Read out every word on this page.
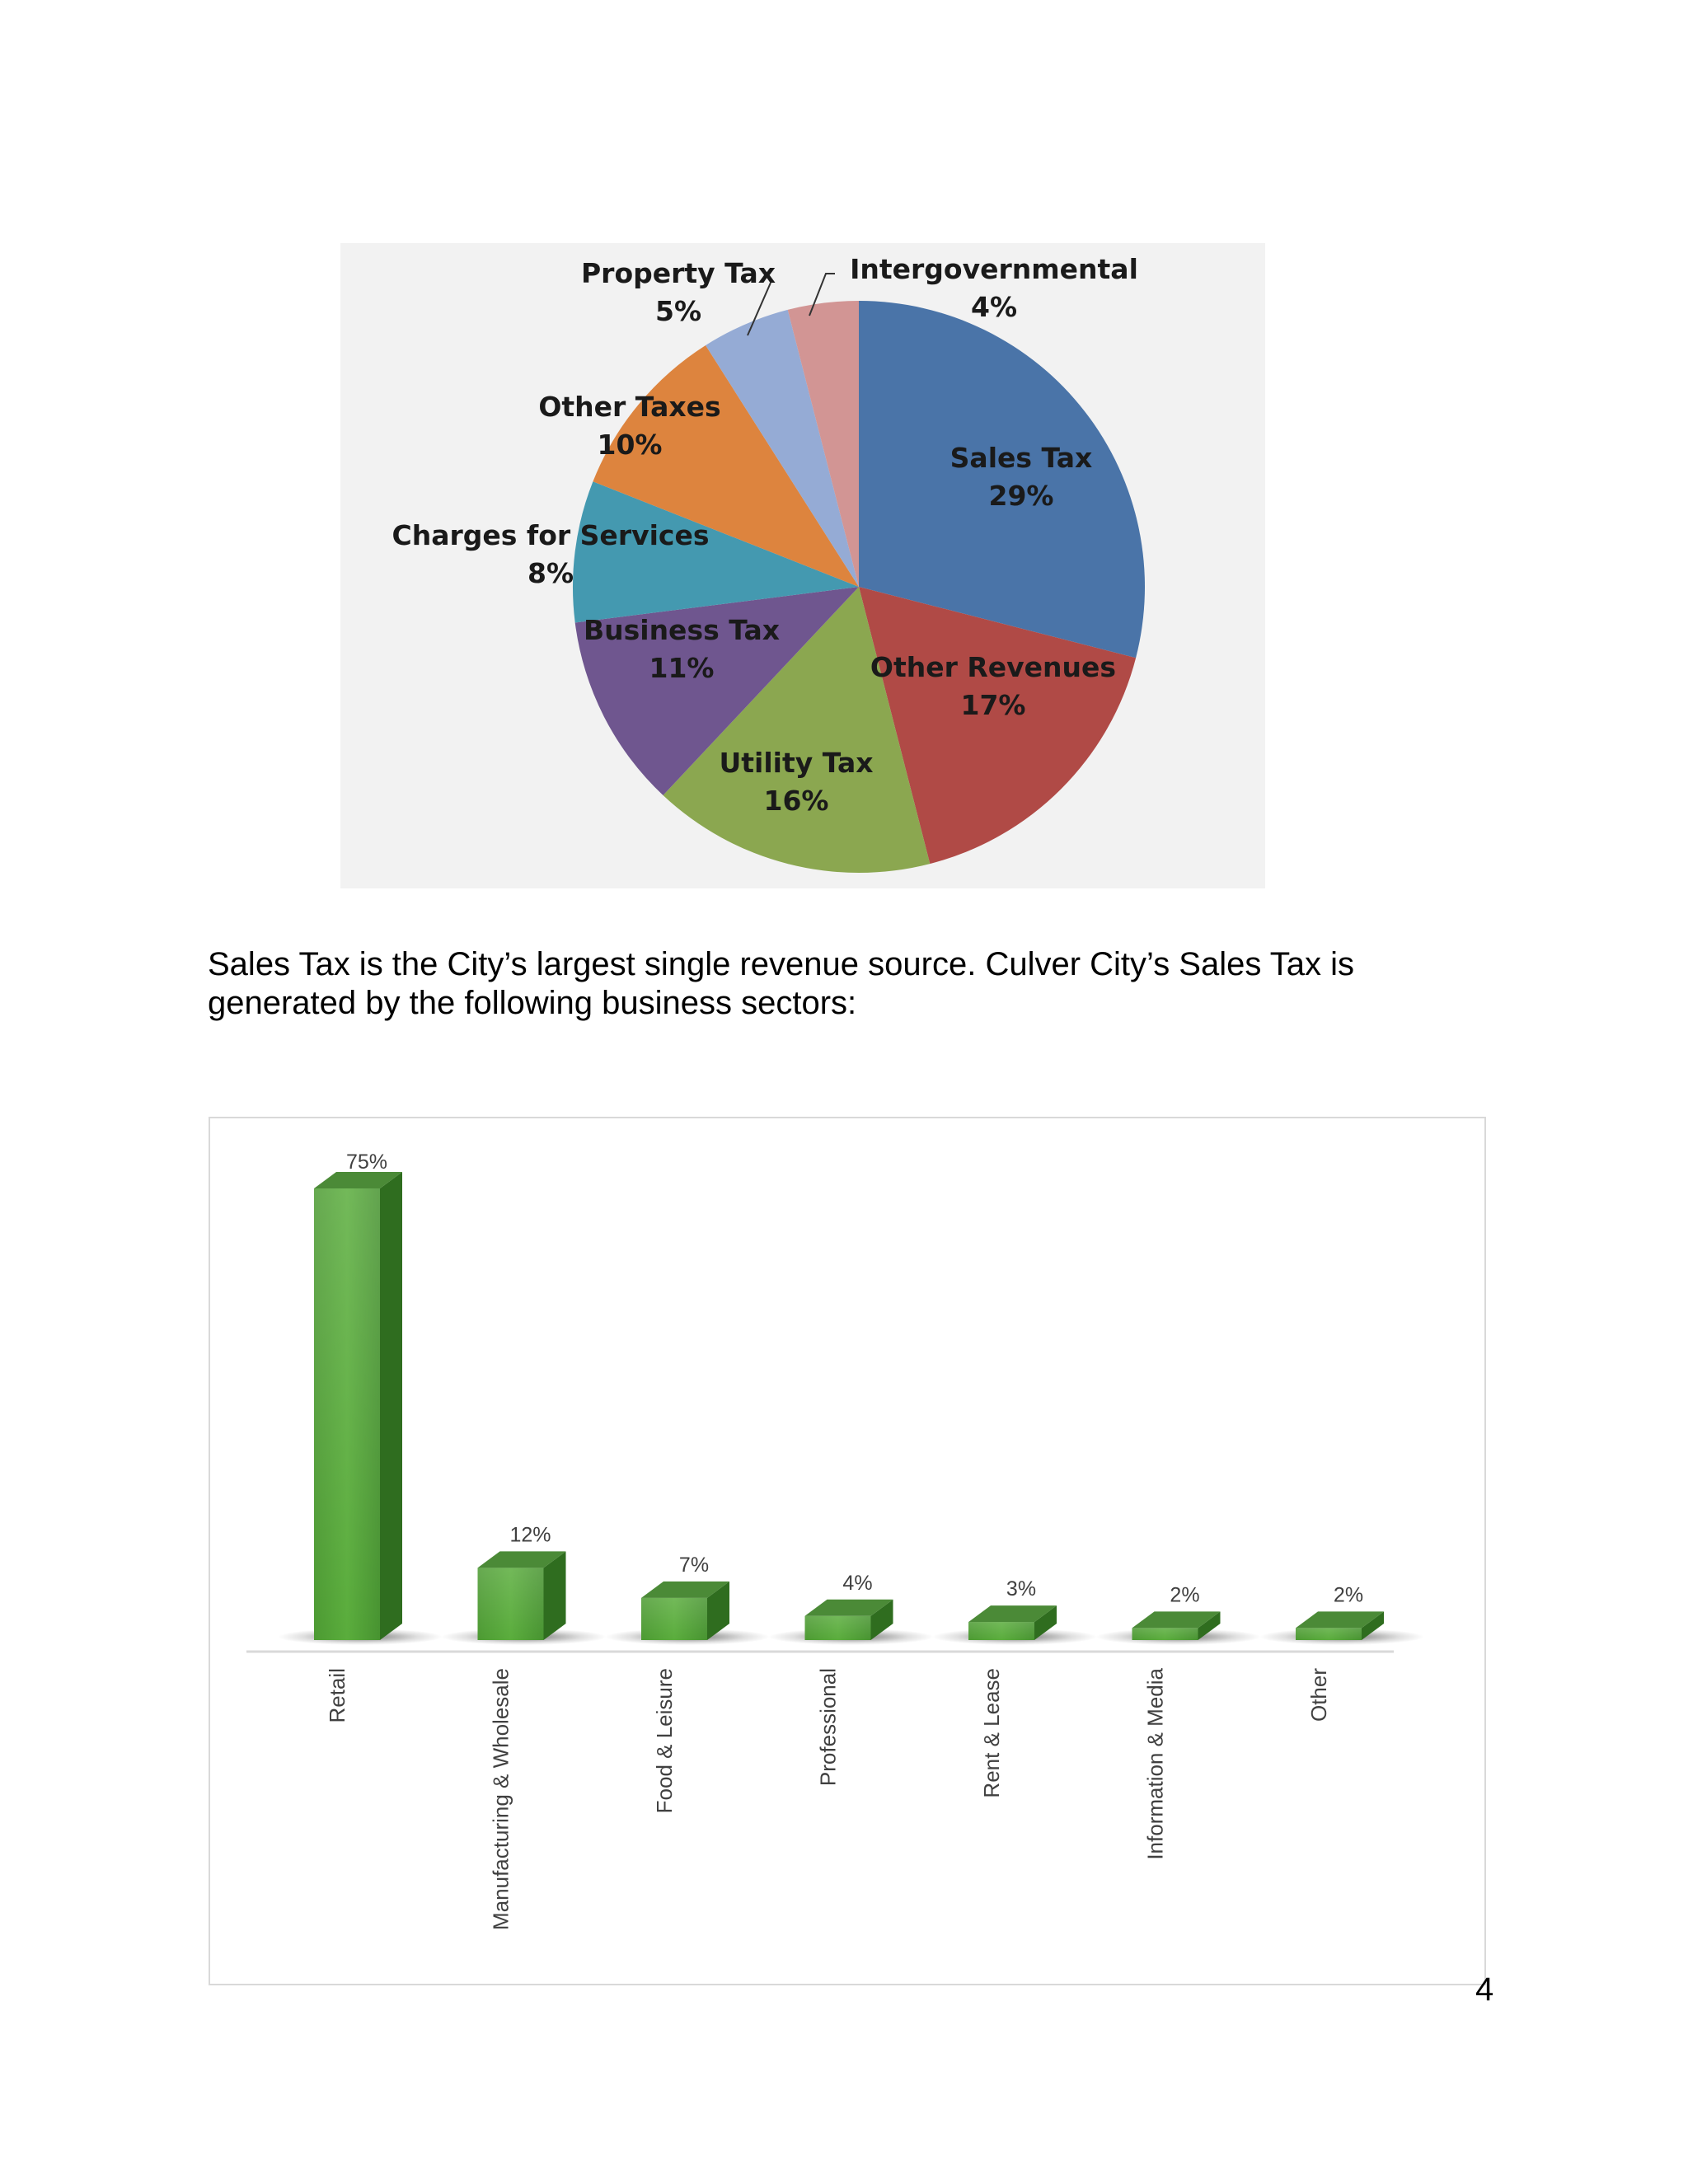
Sales Tax
29%
Other Revenues
17%
Utility Tax
16%
Business Tax
11%
Charges for Services
8%
Other Taxes
10%
Property Tax
5%
Intergovernmental
4%
Sales Tax is the City’s largest single revenue source. Culver City’s Sales Tax is
generated by the following business sectors:
75%
Retail
12%
Manufacturing & Wholesale
7%
Food & Leisure
4%
Professional
3%
Rent & Lease
2%
Information & Media
2%
Other
4
